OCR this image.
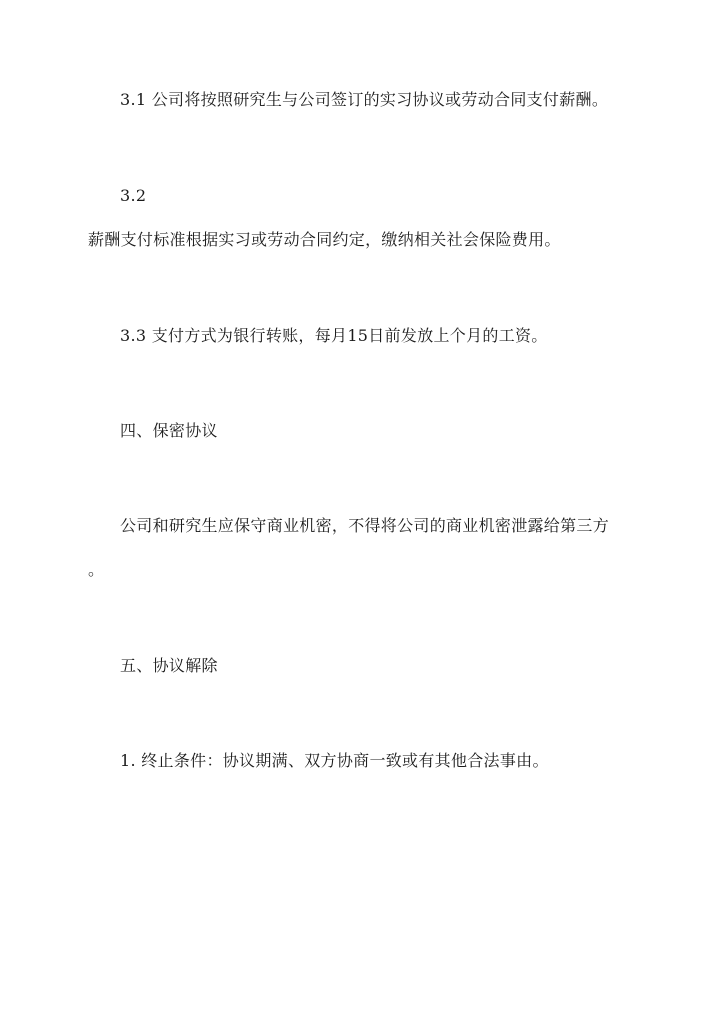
3.1 公司将按照研究生与公司签订的实习协议或劳动合同支付薪酬。
3.2
薪酬支付标准根据实习或劳动合同约定，缴纳相关社会保险费用。
3.3 支付方式为银行转账，每月15日前发放上个月的工资。
四、保密协议
公司和研究生应保守商业机密，不得将公司的商业机密泄露给第三方
。
五、协议解除
1. 终止条件：协议期满、双方协商一致或有其他合法事由。
